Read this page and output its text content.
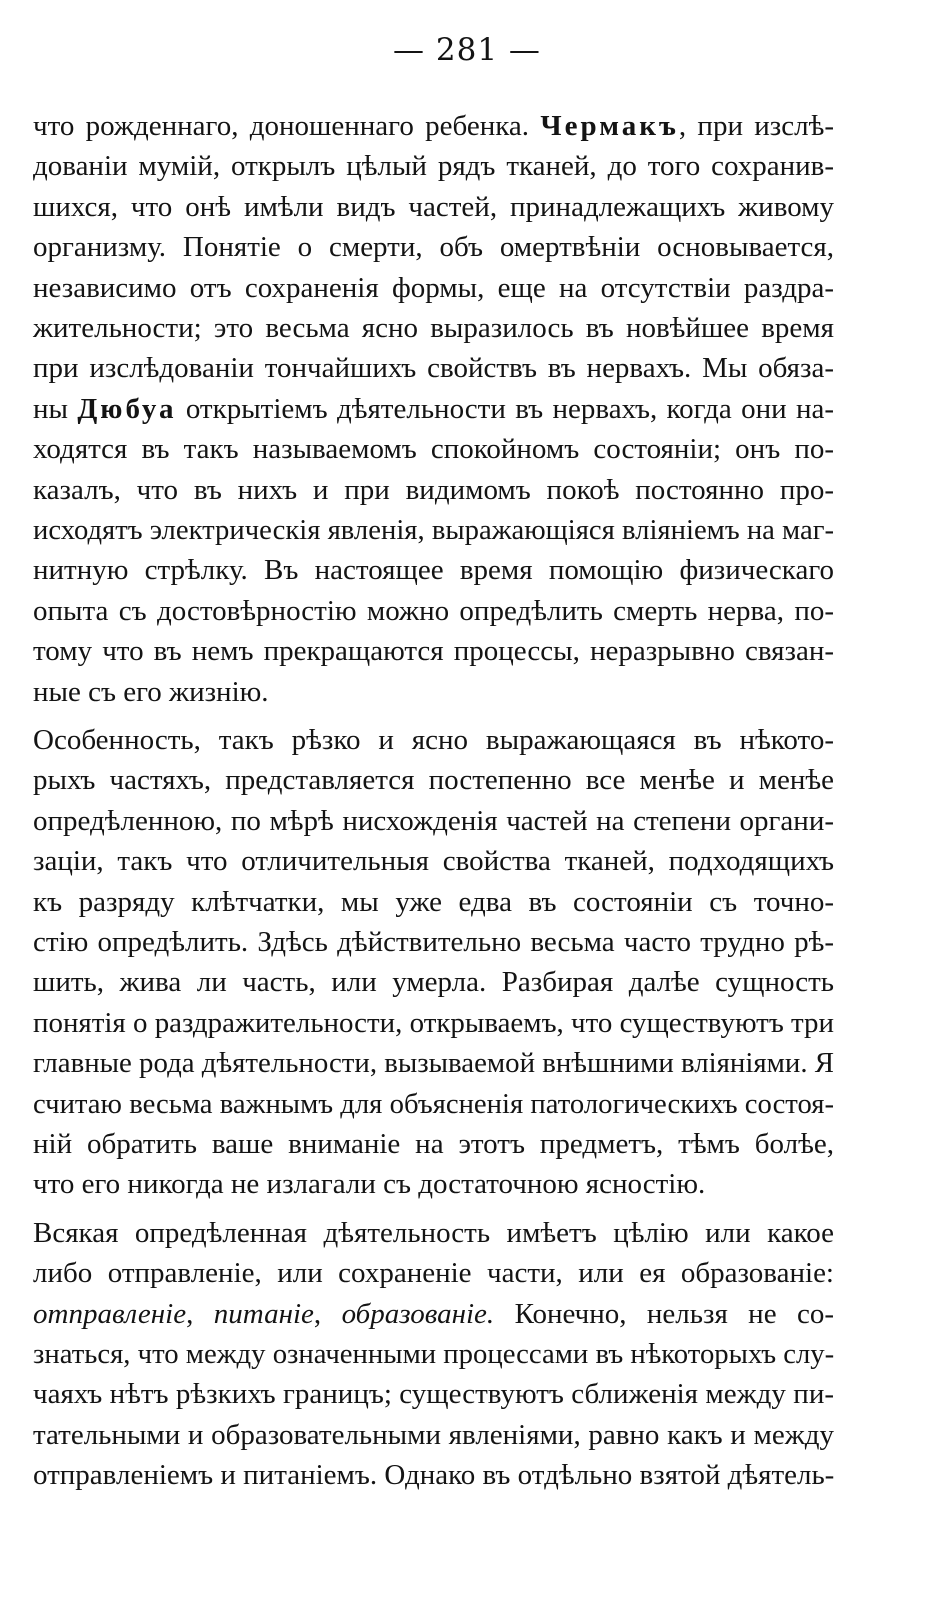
— 281 —
что рожденнаго, доношеннаго ребенка. Чермакъ, при изслѣ-
дованіи мумій, открылъ цѣлый рядъ тканей, до того сохранив-
шихся, что онѣ имѣли видъ частей, принадлежащихъ живому
организму. Понятіе о смерти, объ омертвѣніи основывается,
независимо отъ сохраненія формы, еще на отсутствіи раздра-
жительности; это весьма ясно выразилось въ новѣйшее время
при изслѣдованіи тончайшихъ свойствъ въ нервахъ. Мы обяза-
ны Дюбуа открытіемъ дѣятельности въ нервахъ, когда они на-
ходятся въ такъ называемомъ спокойномъ состояніи; онъ по-
казалъ, что въ нихъ и при видимомъ покоѣ постоянно про-
исходятъ электрическія явленія, выражающіяся вліяніемъ на маг-
нитную стрѣлку. Въ настоящее время помощію физическаго
опыта съ достовѣрностію можно опредѣлить смерть нерва, по-
тому что въ немъ прекращаются процессы, неразрывно связан-
ные съ его жизнію.
Особенность, такъ рѣзко и ясно выражающаяся въ нѣкото-
рыхъ частяхъ, представляется постепенно все менѣе и менѣе
опредѣленною, по мѣрѣ нисхожденія частей на степени органи-
заціи, такъ что отличительныя свойства тканей, подходящихъ
къ разряду клѣтчатки, мы уже едва въ состояніи съ точно-
стію опредѣлить. Здѣсь дѣйствительно весьма часто трудно рѣ-
шить, жива ли часть, или умерла. Разбирая далѣе сущность
понятія о раздражительности, открываемъ, что существуютъ три
главные рода дѣятельности, вызываемой внѣшними вліяніями. Я
считаю весьма важнымъ для объясненія патологическихъ состоя-
ній обратить ваше вниманіе на этотъ предметъ, тѣмъ болѣе,
что его никогда не излагали съ достаточною ясностію.
Всякая опредѣленная дѣятельность имѣетъ цѣлію или какое
либо отправленіе, или сохраненіе части, или ея образованіе:
отправленіе, питаніе, образованіе. Конечно, нельзя не со-
знаться, что между означенными процессами въ нѣкоторыхъ слу-
чаяхъ нѣтъ рѣзкихъ границъ; существуютъ сближенія между пи-
тательными и образовательными явленіями, равно какъ и между
отправленіемъ и питаніемъ. Однако въ отдѣльно взятой дѣятель-
